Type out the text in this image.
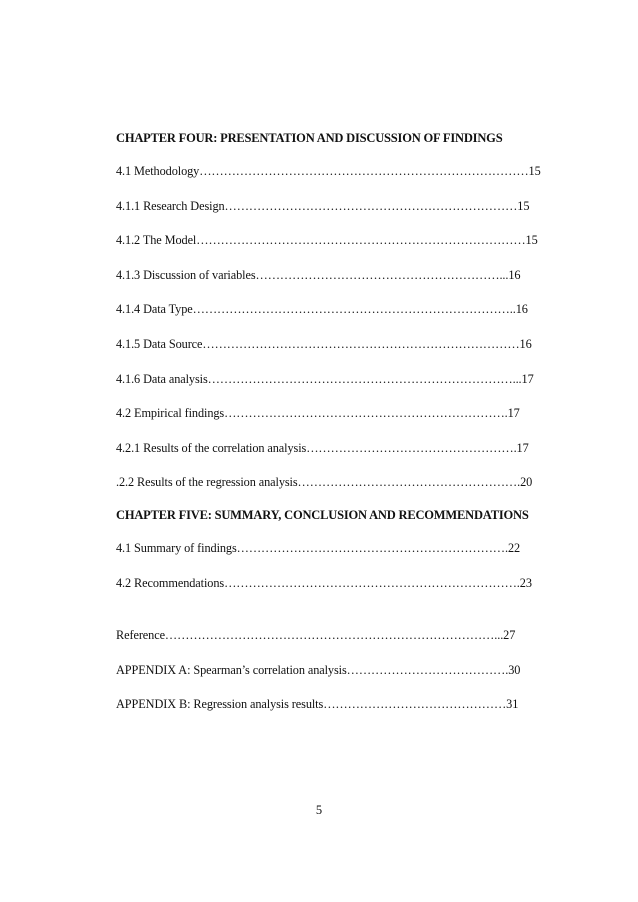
CHAPTER FOUR: PRESENTATION AND DISCUSSION OF FINDINGS
4.1 Methodology………………………………………………………………………15
4.1.1 Research Design………………………………………………………………15
4.1.2 The Model………………………………………………………………………15
4.1.3 Discussion of variables……………………………………………………...16
4.1.4 Data Type……………………………………………………………………..16
4.1.5 Data Source……………………………………………………………………16
4.1.6 Data analysis…………………………………………………………………...17
4.2 Empirical findings…………………………………………………………….17
4.2.1 Results of the correlation analysis…………………………………………….17
.2.2 Results of the regression analysis……………………………………………….20
CHAPTER FIVE: SUMMARY, CONCLUSION AND RECOMMENDATIONS
4.1 Summary of findings………………………………………………………….22
4.2 Recommendations……………………………………………………………….23
Reference………………………………………………………………………...27
APPENDIX A: Spearman’s correlation analysis………………………………….30
APPENDIX B: Regression analysis results………………………………………31
5
